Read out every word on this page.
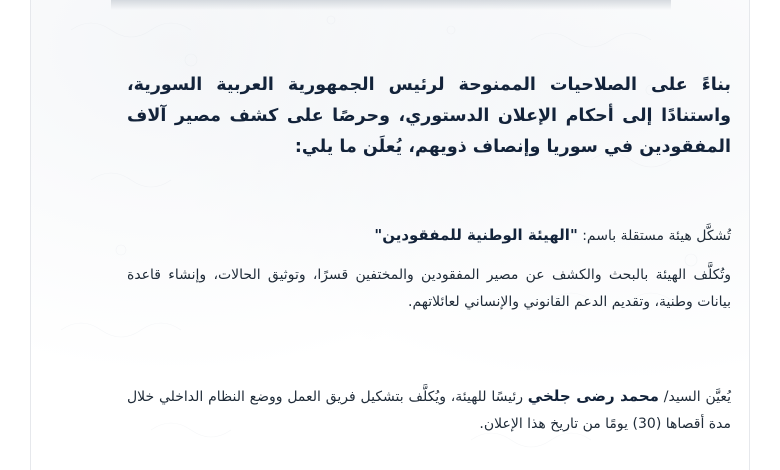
بناءً على الصلاحيات الممنوحة لرئيس الجمهورية العربية السورية، واستنادًا إلى أحكام الإعلان الدستوري، وحرصًا على كشف مصير آلاف المفقودين في سوريا وإنصاف ذويهم، يُعلَن ما يلي:

تُشكَّل هيئة مستقلة باسم: "الهيئة الوطنية للمفقودين"

وتُكلَّف الهيئة بالبحث والكشف عن مصير المفقودين والمختفين قسرًا، وتوثيق الحالات، وإنشاء قاعدة بيانات وطنية، وتقديم الدعم القانوني والإنساني لعائلاتهم.

يُعيَّن السيد/ محمد رضى جلخي رئيسًا للهيئة، ويُكلَّف بتشكيل فريق العمل ووضع النظام الداخلي خلال مدة أقصاها (30) يومًا من تاريخ هذا الإعلان.
